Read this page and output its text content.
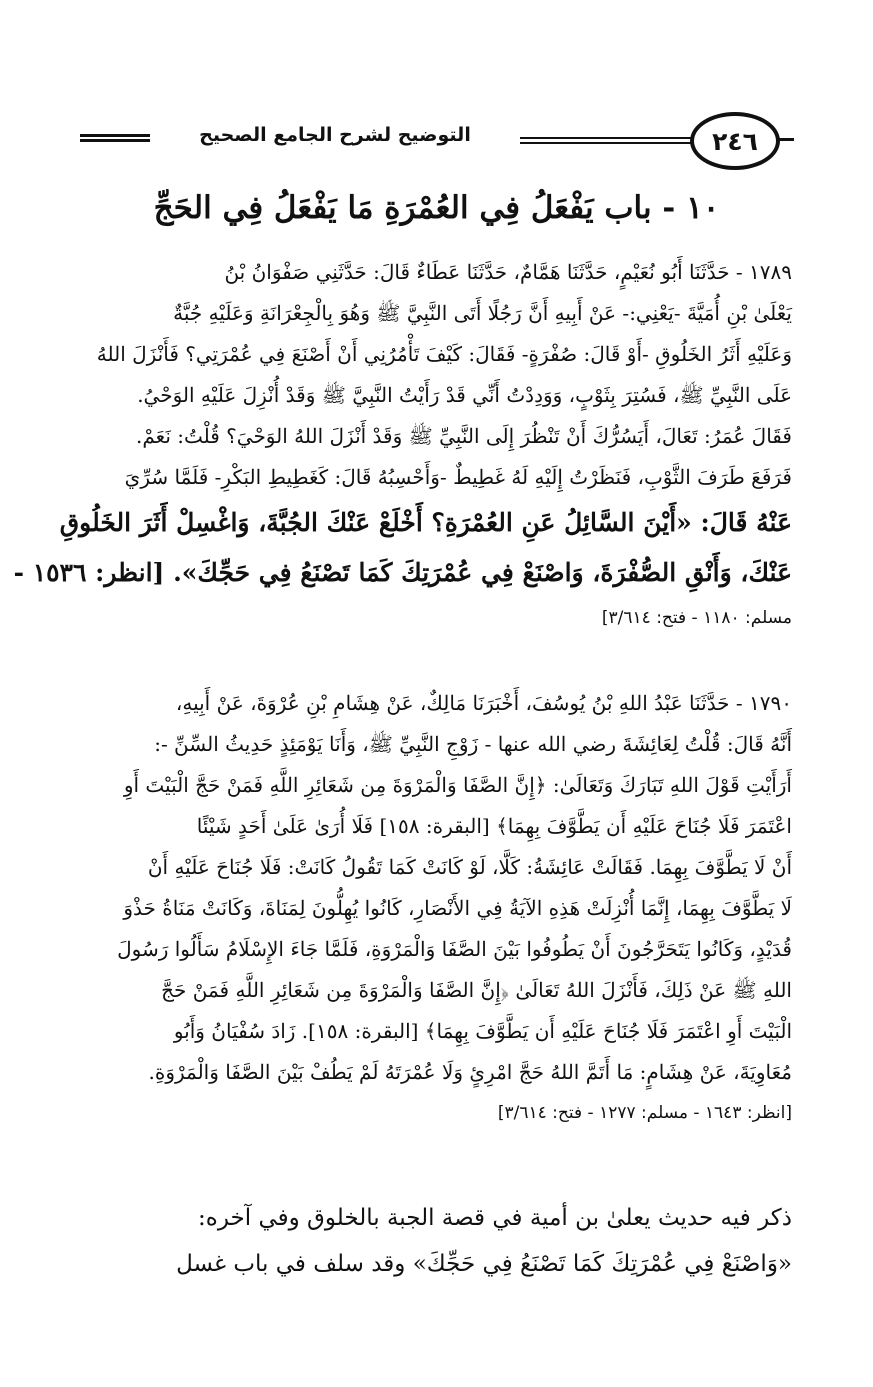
التوضيح لشرح الجامع الصحيح	٢٤٦
١٠ - باب يَفْعَلُ فِي العُمْرَةِ مَا يَفْعَلُ فِي الحَجِّ
١٧٨٩ - حَدَّثَنَا أَبُو نُعَيْمٍ، حَدَّثَنَا هَمَّامٌ، حَدَّثَنَا عَطَاءٌ قَالَ: حَدَّثَنِي صَفْوَانُ بْنُ
يَعْلَىٰ بْنِ أُمَيَّةَ -يَعْنِي:- عَنْ أَبِيهِ أَنَّ رَجُلًا أَتَى النَّبِيَّ ﷺ وَهُوَ بِالْجِعْرَانَةِ وَعَلَيْهِ جُبَّةٌ
وَعَلَيْهِ أَثَرُ الخَلُوقِ -أَوْ قَالَ: صُفْرَةٍ- فَقَالَ: كَيْفَ تَأْمُرُنِي أَنْ أَصْنَعَ فِي عُمْرَتِي؟ فَأَنْزَلَ اللهُ
عَلَى النَّبِيِّ ﷺ، فَسُتِرَ بِثَوْبٍ، وَوَدِدْتُ أَنِّي قَدْ رَأَيْتُ النَّبِيَّ ﷺ وَقَدْ أُنْزِلَ عَلَيْهِ الوَحْيُ.
فَقَالَ عُمَرُ: تَعَالَ، أَيَسُرُّكَ أَنْ تَنْظُرَ إِلَى النَّبِيِّ ﷺ وَقَدْ أَنْزَلَ اللهُ الوَحْيَ؟ قُلْتُ: نَعَمْ.
فَرَفَعَ طَرَفَ الثَّوْبِ، فَنَظَرْتُ إِلَيْهِ لَهُ غَطِيطٌ -وَأَحْسِبُهُ قَالَ: كَغَطِيطِ البَكْرِ- فَلَمَّا سُرِّيَ
عَنْهُ قَالَ: «أَيْنَ السَّائِلُ عَنِ العُمْرَةِ؟ أَخْلَعْ عَنْكَ الجُبَّةَ، وَاغْسِلْ أَثَرَ الخَلُوقِ
عَنْكَ، وَأَنْقِ الصُّفْرَةَ، وَاصْنَعْ فِي عُمْرَتِكَ كَمَا تَصْنَعُ فِي حَجِّكَ». [انظر: ١٥٣٦ -
مسلم: ١١٨٠ - فتح: ٣/٦١٤]
١٧٩٠ - حَدَّثَنَا عَبْدُ اللهِ بْنُ يُوسُفَ، أَخْبَرَنَا مَالِكٌ، عَنْ هِشَامِ بْنِ عُرْوَةَ، عَنْ أَبِيهِ،
أَنَّهُ قَالَ: قُلْتُ لِعَائِشَةَ رضي الله عنها - زَوْجِ النَّبِيِّ ﷺ، وَأَنَا يَوْمَئِذٍ حَدِيثُ السِّنِّ -:
أَرَأَيْتِ قَوْلَ اللهِ تَبَارَكَ وَتَعَالَىٰ: ﴿إِنَّ الصَّفَا وَالْمَرْوَةَ مِن شَعَائِرِ اللَّهِ فَمَنْ حَجَّ الْبَيْتَ أَوِ
اعْتَمَرَ فَلَا جُنَاحَ عَلَيْهِ أَن يَطَّوَّفَ بِهِمَا﴾ [البقرة: ١٥٨] فَلَا أُرَىٰ عَلَىٰ أَحَدٍ شَيْئًا
أَنْ لَا يَطَّوَّفَ بِهِمَا. فَقَالَتْ عَائِشَةُ: كَلَّا، لَوْ كَانَتْ كَمَا تَقُولُ كَانَتْ: فَلَا جُنَاحَ عَلَيْهِ أَنْ
لَا يَطَّوَّفَ بِهِمَا، إِنَّمَا أُنْزِلَتْ هَذِهِ الآيَةُ فِي الأَنْصَارِ، كَانُوا يُهِلُّونَ لِمَنَاةَ، وَكَانَتْ مَنَاةُ حَذْوَ
قُدَيْدٍ، وَكَانُوا يَتَحَرَّجُونَ أَنْ يَطُوفُوا بَيْنَ الصَّفَا وَالْمَرْوَةِ، فَلَمَّا جَاءَ الإِسْلَامُ سَأَلُوا رَسُولَ
اللهِ ﷺ عَنْ ذَلِكَ، فَأَنْزَلَ اللهُ تَعَالَىٰ ﴿إِنَّ الصَّفَا وَالْمَرْوَةَ مِن شَعَائِرِ اللَّهِ فَمَنْ حَجَّ
الْبَيْتَ أَوِ اعْتَمَرَ فَلَا جُنَاحَ عَلَيْهِ أَن يَطَّوَّفَ بِهِمَا﴾ [البقرة: ١٥٨]. زَادَ سُفْيَانُ وَأَبُو
مُعَاوِيَةَ، عَنْ هِشَامٍ: مَا أَتَمَّ اللهُ حَجَّ امْرِئٍ وَلَا عُمْرَتَهُ لَمْ يَطُفْ بَيْنَ الصَّفَا وَالْمَرْوَةِ.
[انظر: ١٦٤٣ - مسلم: ١٢٧٧ - فتح: ٣/٦١٤]
ذكر فيه حديث يعلىٰ بن أمية في قصة الجبة بالخلوق وفي آخره:
«وَاصْنَعْ فِي عُمْرَتِكَ كَمَا تَصْنَعُ فِي حَجِّكَ» وقد سلف في باب غسل
